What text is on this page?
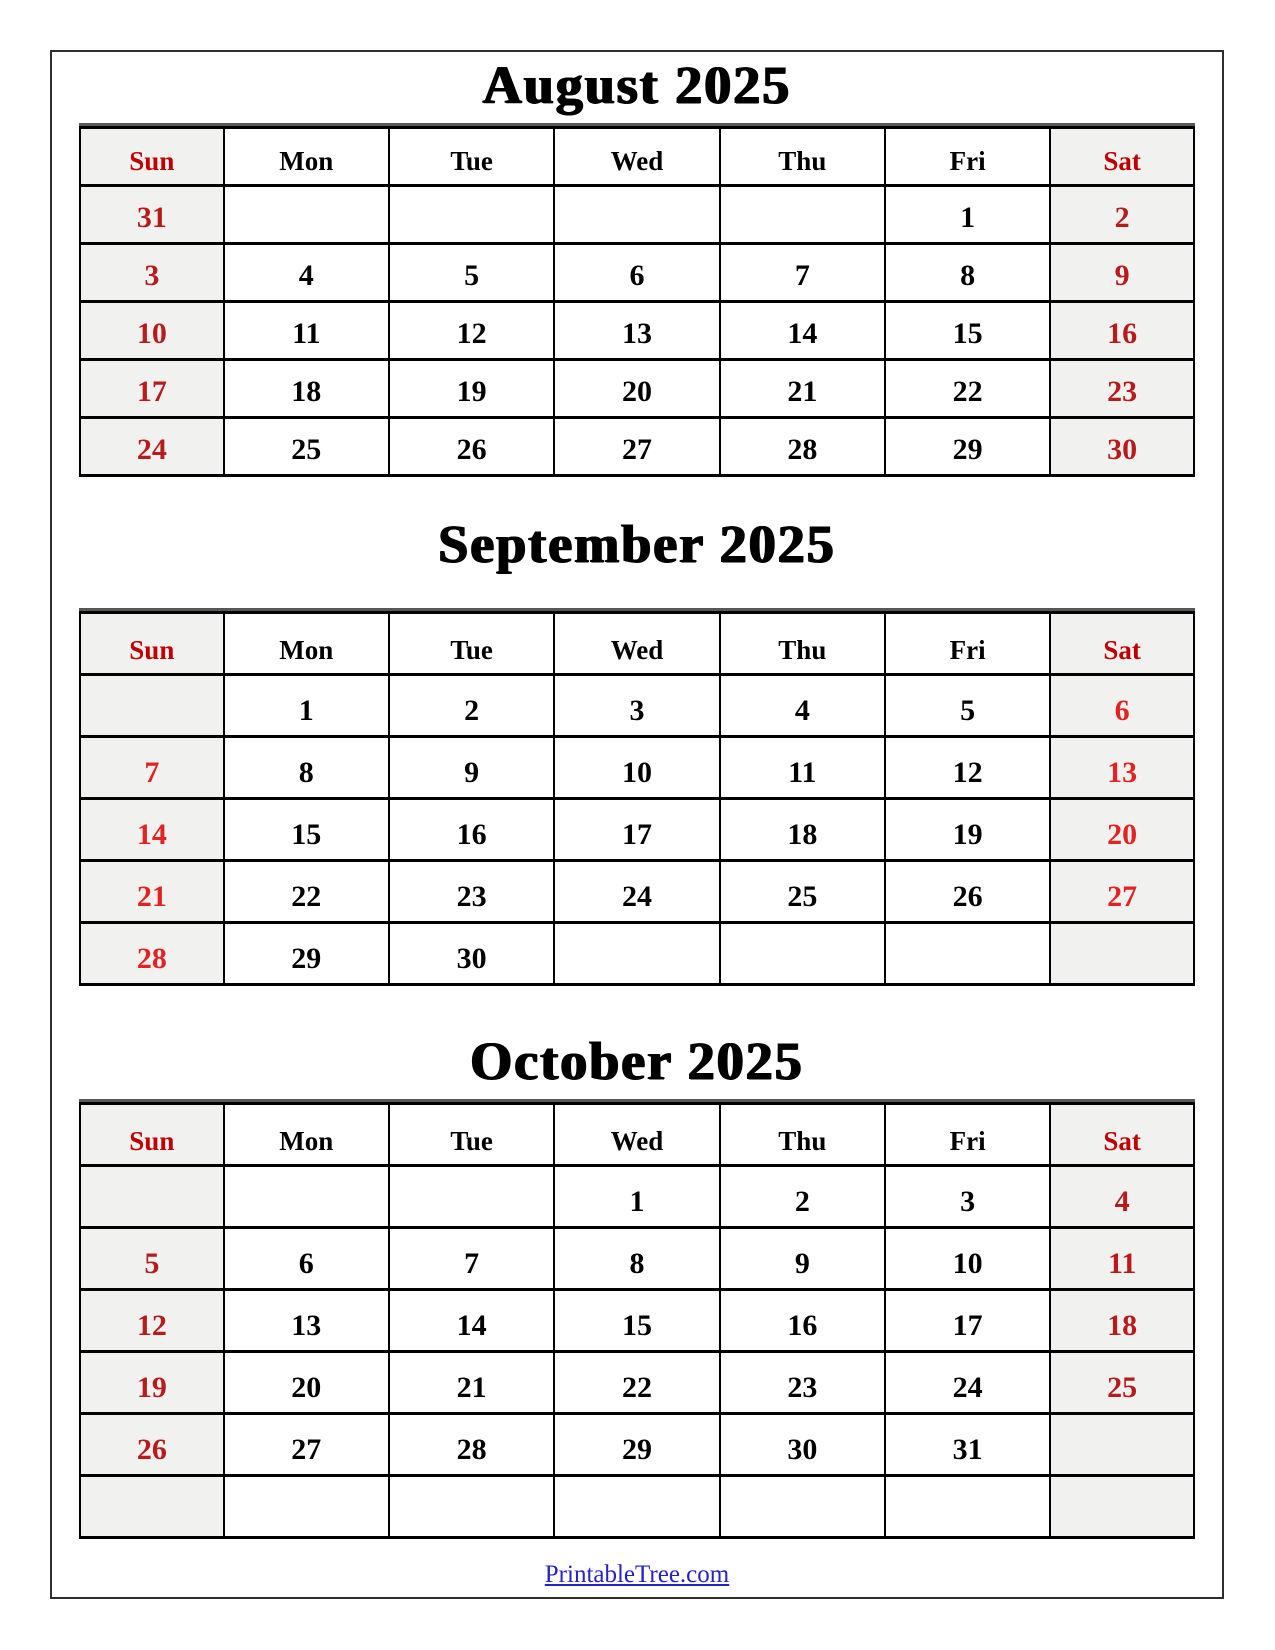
August 2025
Sun	Mon	Tue	Wed	Thu	Fri	Sat
31					1	2
3	4	5	6	7	8	9
10	11	12	13	14	15	16
17	18	19	20	21	22	23
24	25	26	27	28	29	30
September 2025
Sun	Mon	Tue	Wed	Thu	Fri	Sat
	1	2	3	4	5	6
7	8	9	10	11	12	13
14	15	16	17	18	19	20
21	22	23	24	25	26	27
28	29	30				
October 2025
Sun	Mon	Tue	Wed	Thu	Fri	Sat
			1	2	3	4
5	6	7	8	9	10	11
12	13	14	15	16	17	18
19	20	21	22	23	24	25
26	27	28	29	30	31	

PrintableTree.com
